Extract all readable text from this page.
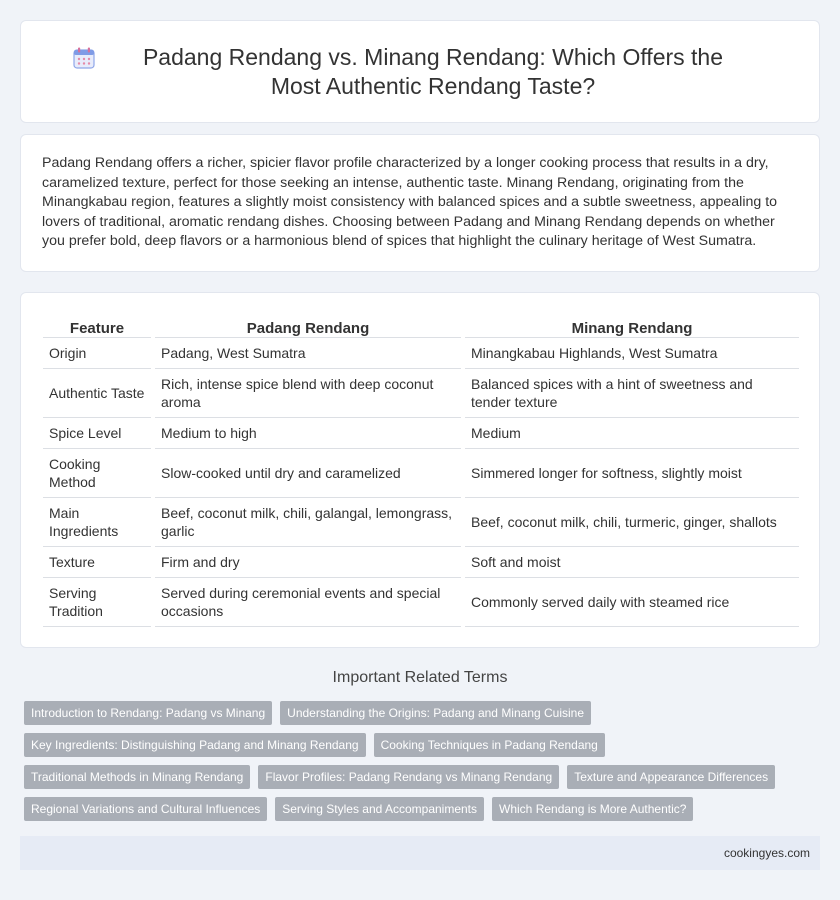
Padang Rendang vs. Minang Rendang: Which Offers the Most Authentic Rendang Taste?

Padang Rendang offers a richer, spicier flavor profile characterized by a longer cooking process that results in a dry, caramelized texture, perfect for those seeking an intense, authentic taste. Minang Rendang, originating from the Minangkabau region, features a slightly moist consistency with balanced spices and a subtle sweetness, appealing to lovers of traditional, aromatic rendang dishes. Choosing between Padang and Minang Rendang depends on whether you prefer bold, deep flavors or a harmonious blend of spices that highlight the culinary heritage of West Sumatra.

Feature	Padang Rendang	Minang Rendang
Origin	Padang, West Sumatra	Minangkabau Highlands, West Sumatra
Authentic Taste	Rich, intense spice blend with deep coconut aroma	Balanced spices with a hint of sweetness and tender texture
Spice Level	Medium to high	Medium
Cooking Method	Slow-cooked until dry and caramelized	Simmered longer for softness, slightly moist
Main Ingredients	Beef, coconut milk, chili, galangal, lemongrass, garlic	Beef, coconut milk, chili, turmeric, ginger, shallots
Texture	Firm and dry	Soft and moist
Serving Tradition	Served during ceremonial events and special occasions	Commonly served daily with steamed rice
Important Related Terms
Introduction to Rendang: Padang vs Minang	Understanding the Origins: Padang and Minang Cuisine
Key Ingredients: Distinguishing Padang and Minang Rendang	Cooking Techniques in Padang Rendang
Traditional Methods in Minang Rendang	Flavor Profiles: Padang Rendang vs Minang Rendang	Texture and Appearance Differences
Regional Variations and Cultural Influences	Serving Styles and Accompaniments	Which Rendang is More Authentic?
cookingyes.com
